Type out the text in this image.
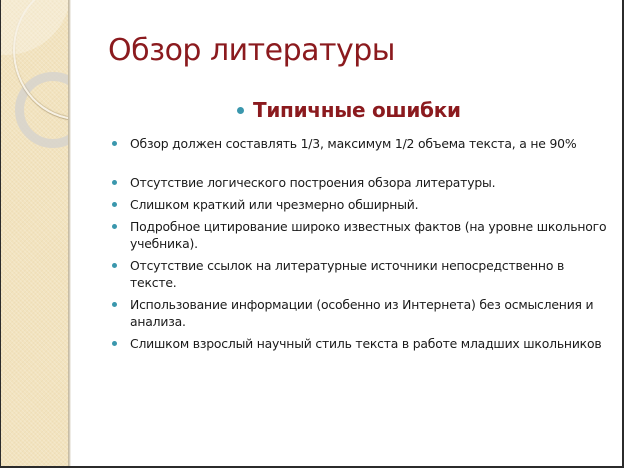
Обзор литературы
Типичные ошибки
Обзор должен составлять 1/3, максимум 1/2 объема текста, а не 90%
Отсутствие логического построения обзора литературы.
Слишком краткий или чрезмерно обширный.
Подробное цитирование широко известных фактов (на уровне школьного учебника).
Отсутствие ссылок на литературные источники непосредственно в тексте.
Использование информации (особенно из Интернета) без осмысления и анализа.
Слишком взрослый научный стиль текста в работе младших школьников
